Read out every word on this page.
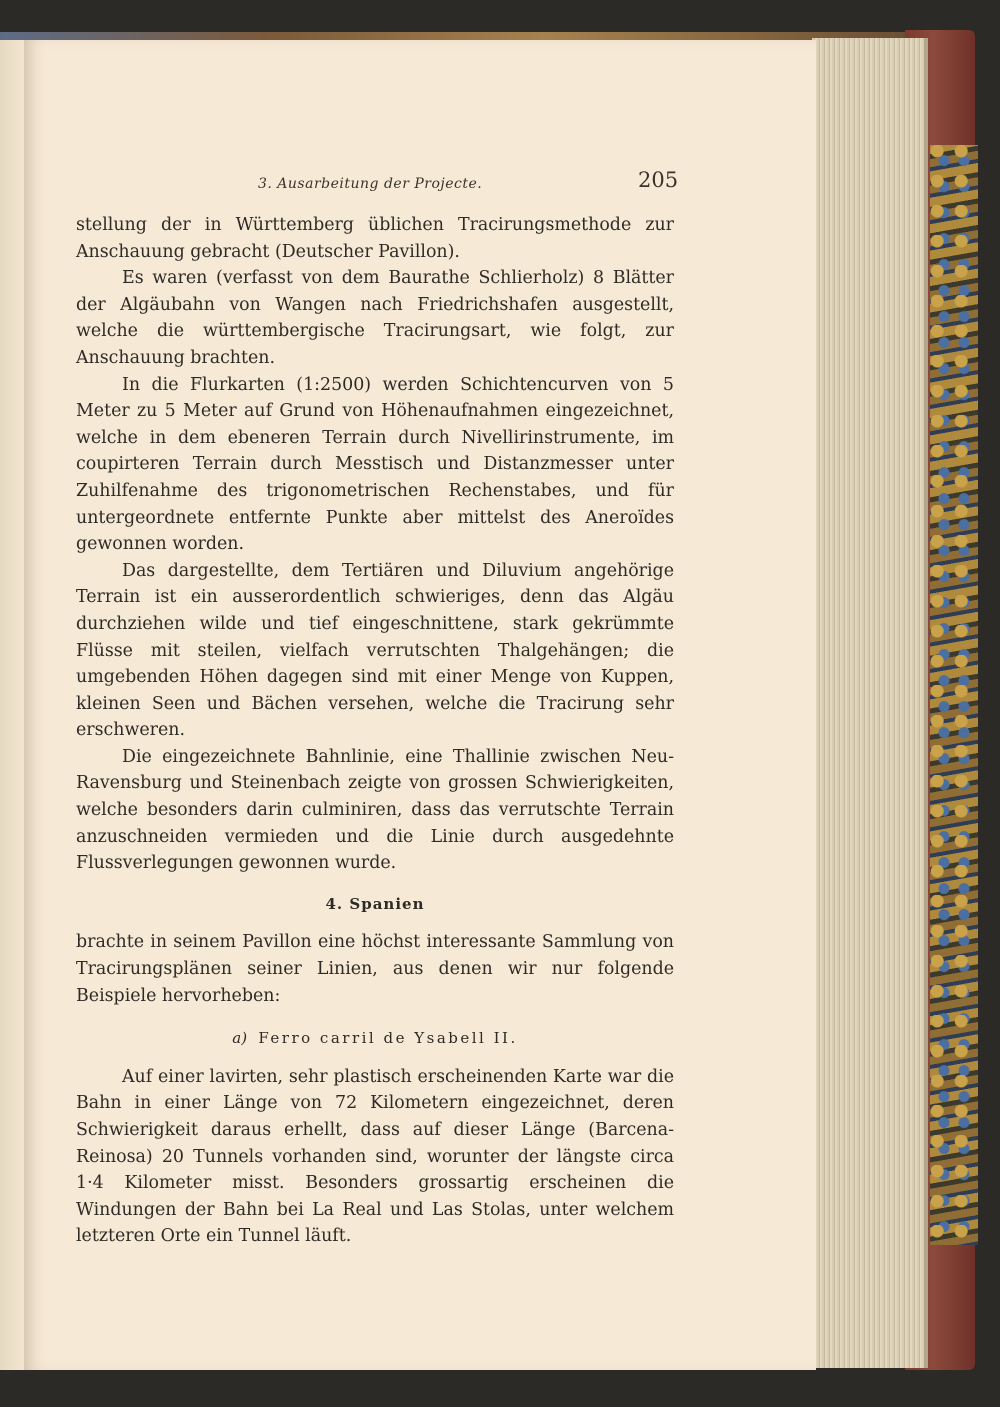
3. Ausarbeitung der Projecte.	205

stellung der in Württemberg üblichen Tracirungsmethode zur Anschauung gebracht (Deutscher Pavillon).

Es waren (verfasst von dem Baurathe Schlierholz) 8 Blätter der Algäubahn von Wangen nach Friedrichshafen ausgestellt, welche die württembergische Tracirungsart, wie folgt, zur Anschauung brachten.

In die Flurkarten (1:2500) werden Schichtencurven von 5 Meter zu 5 Meter auf Grund von Höhenaufnahmen eingezeichnet, welche in dem ebeneren Terrain durch Nivellirinstrumente, im coupirteren Terrain durch Messtisch und Distanzmesser unter Zuhilfenahme des trigonometrischen Rechenstabes, und für untergeordnete entfernte Punkte aber mittelst des Aneroïdes gewonnen worden.

Das dargestellte, dem Tertiären und Diluvium angehörige Terrain ist ein ausserordentlich schwieriges, denn das Algäu durchziehen wilde und tief eingeschnittene, stark gekrümmte Flüsse mit steilen, vielfach verrutschten Thalgehängen; die umgebenden Höhen dagegen sind mit einer Menge von Kuppen, kleinen Seen und Bächen versehen, welche die Tracirung sehr erschweren.

Die eingezeichnete Bahnlinie, eine Thallinie zwischen Neu-Ravensburg und Steinenbach zeigte von grossen Schwierigkeiten, welche besonders darin culminiren, dass das verrutschte Terrain anzuschneiden vermieden und die Linie durch ausgedehnte Flussverlegungen gewonnen wurde.

4. Spanien

brachte in seinem Pavillon eine höchst interessante Sammlung von Tracirungsplänen seiner Linien, aus denen wir nur folgende Beispiele hervorheben:

a) Ferro carril de Ysabell II.

Auf einer lavirten, sehr plastisch erscheinenden Karte war die Bahn in einer Länge von 72 Kilometern eingezeichnet, deren Schwierigkeit daraus erhellt, dass auf dieser Länge (Barcena-Reinosa) 20 Tunnels vorhanden sind, worunter der längste circa 1·4 Kilometer misst. Besonders grossartig erscheinen die Windungen der Bahn bei La Real und Las Stolas, unter welchem letzteren Orte ein Tunnel läuft.
